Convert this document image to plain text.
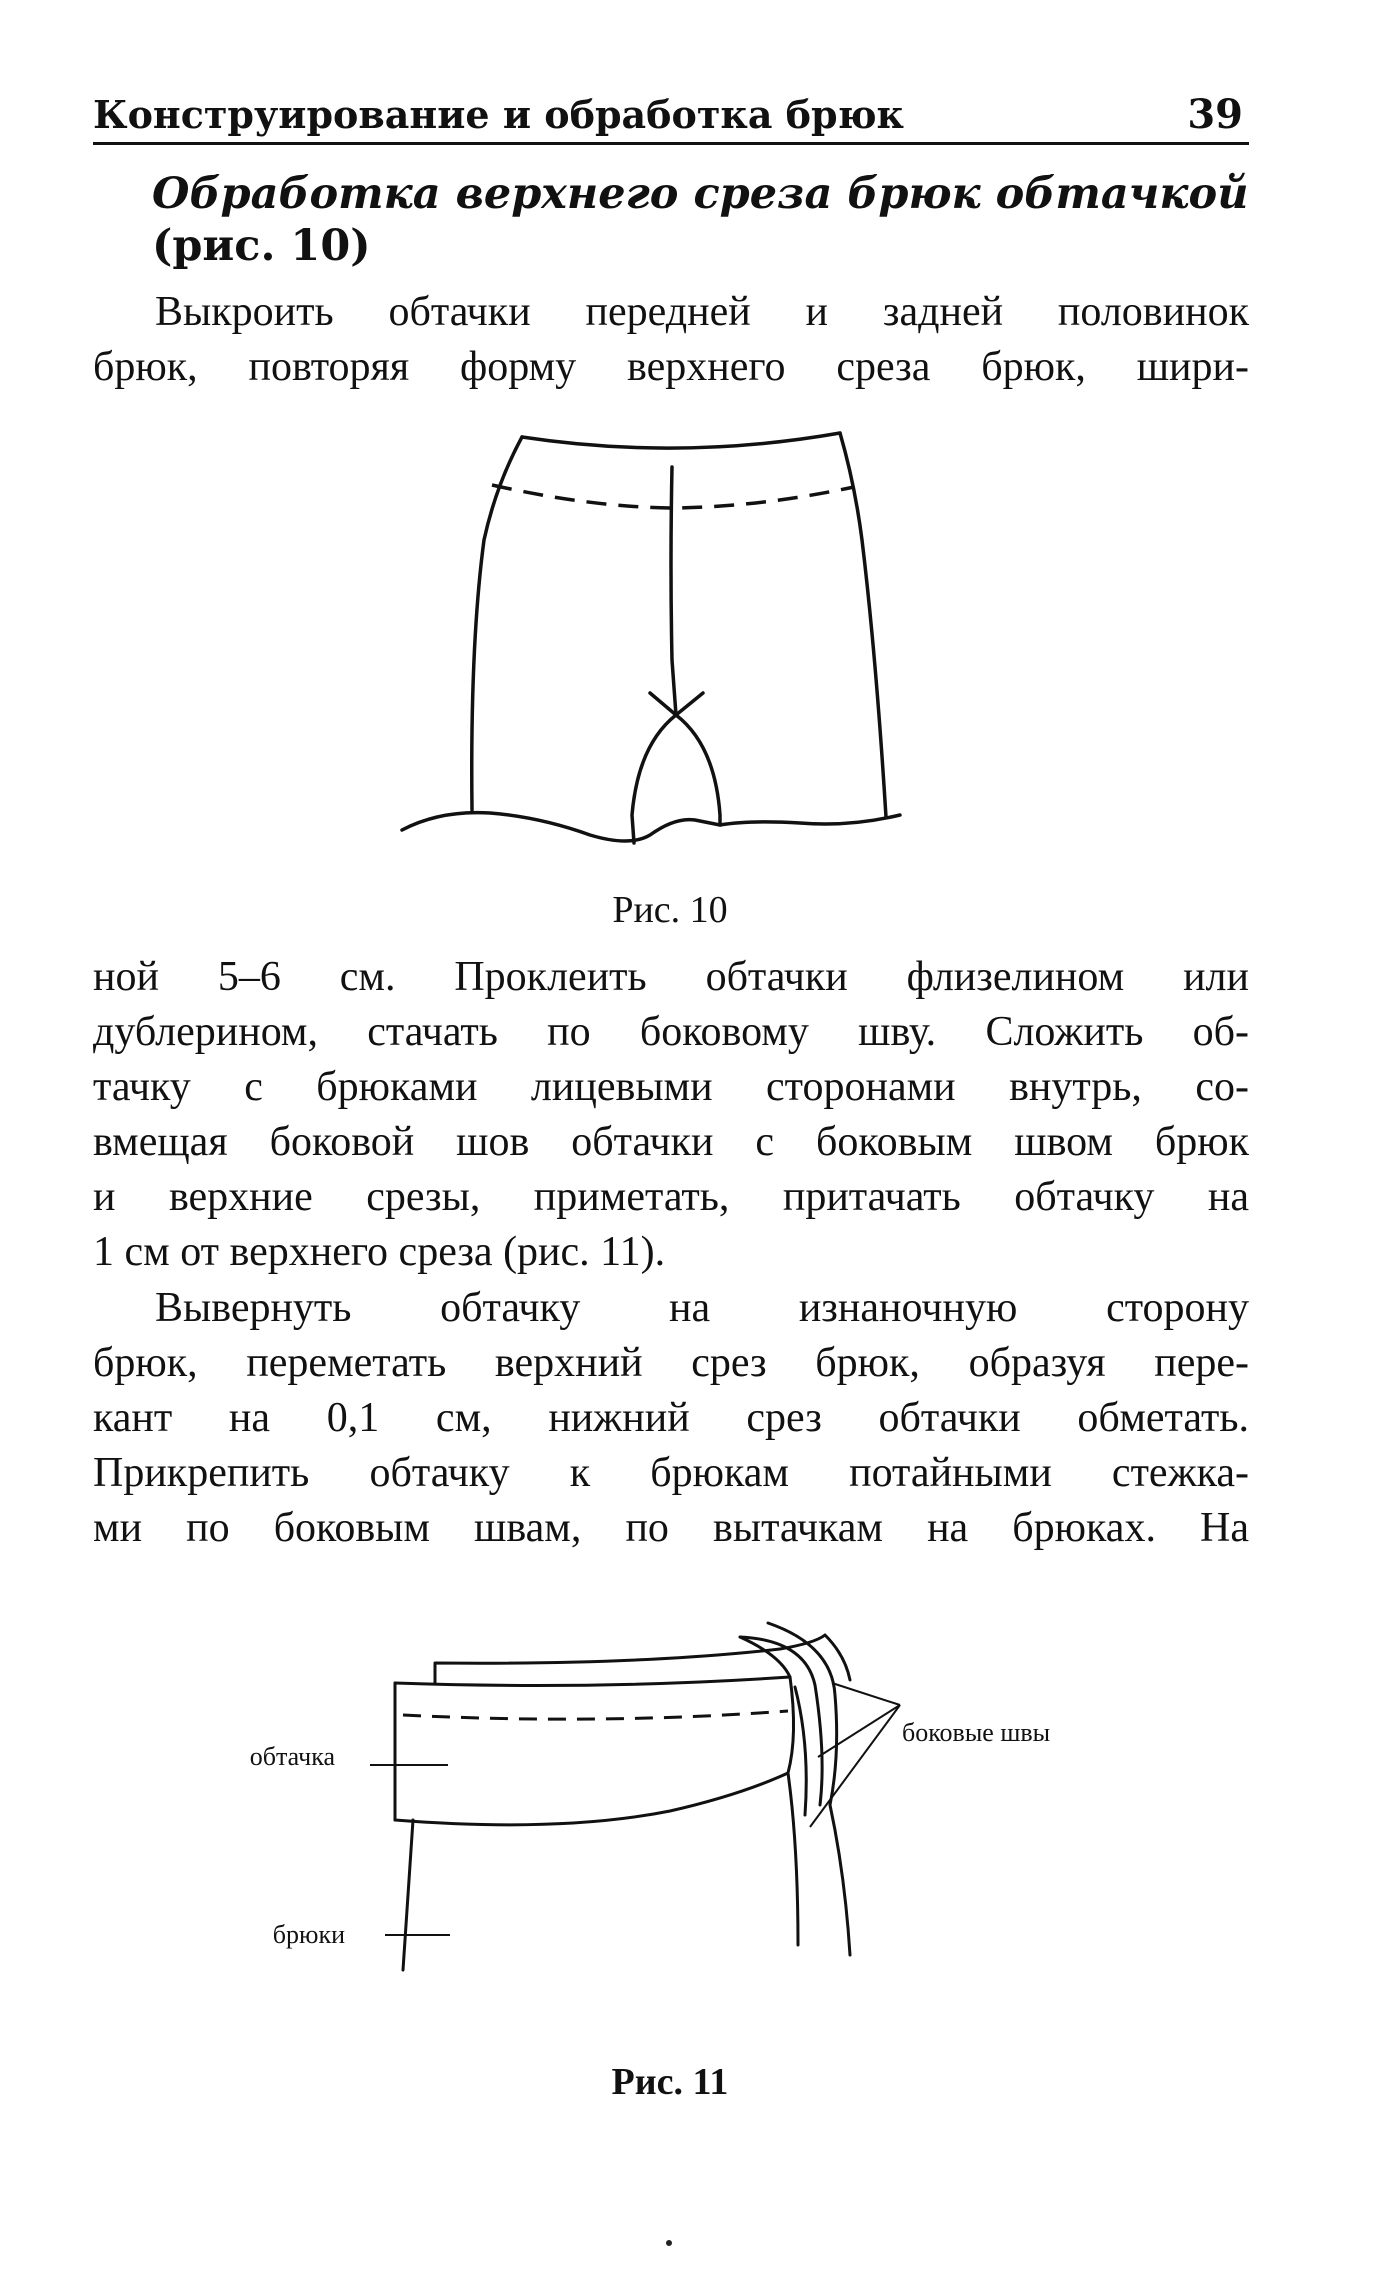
Конструирование и обработка брюк	39
Обработка верхнего среза брюк обтачкой
(рис. 10)
Выкроить обтачки передней и задней половинок
брюк, повторяя форму верхнего среза брюк, шири-
Рис. 10
ной 5–6 см. Проклеить обтачки флизелином или
дублерином, стачать по боковому шву. Сложить об-
тачку с брюками лицевыми сторонами внутрь, со-
вмещая боковой шов обтачки с боковым швом брюк
и верхние срезы, приметать, притачать обтачку на
1 см от верхнего среза (рис. 11).
Вывернуть обтачку на изнаночную сторону
брюк, переметать верхний срез брюк, образуя пере-
кант на 0,1 см, нижний срез обтачки обметать.
Прикрепить обтачку к брюкам потайными стежка-
ми по боковым швам, по вытачкам на брюках. На
обтачка
брюки
боковые швы
Рис. 11
